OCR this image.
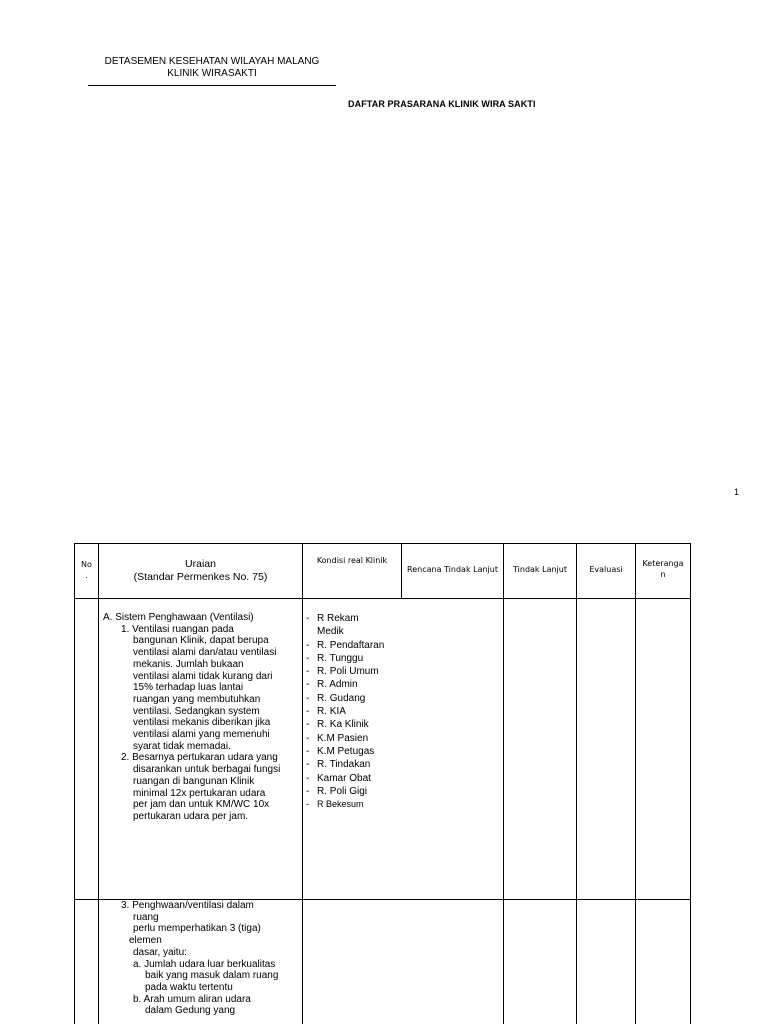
DETASEMEN KESEHATAN WILAYAH MALANG
KLINIK WIRASAKTI
DAFTAR PRASARANA KLINIK WIRA SAKTI
1
No
.
Uraian
(Standar Permenkes No. 75)
Kondisi real Klinik
Rencana Tindak Lanjut	Tindak Lanjut	Evaluasi
Keteranga
n

A. Sistem Penghawaan (Ventilasi)

1. Ventilasi ruangan pada

bangunan Klinik, dapat berupa

ventilasi alami dan/atau ventilasi

mekanis. Jumlah bukaan

ventilasi alami tidak kurang dari

15% terhadap luas lantai

ruangan yang membutuhkan

ventilasi. Sedangkan system

ventilasi mekanis diberikan jika

ventilasi alami yang memenuhi

syarat tidak memadai.

2. Besarnya pertukaran udara yang

disarankan untuk berbagai fungsi

ruangan di bangunan Klinik

minimal 12x pertukaran udara

per jam dan untuk KM/WC 10x

pertukaran udara per jam.

- R Rekam
Medik
- R. Pendaftaran
- R. Tunggu
- R. Poli Umum
- R. Admin
- R. Gudang
- R. KIA
- R. Ka Klinik
- K.M Pasien
- K.M Petugas
- R. Tindakan
- Kamar Obat
- R. Poli Gigi
- R Bekesum

3. Penghwaan/ventilasi dalam

ruang

perlu memperhatikan 3 (tiga)

elemen

dasar, yaitu:

a. Jumlah udara luar berkualitas

baik yang masuk dalam ruang

pada waktu tertentu

b. Arah umum aliran udara

dalam Gedung yang
